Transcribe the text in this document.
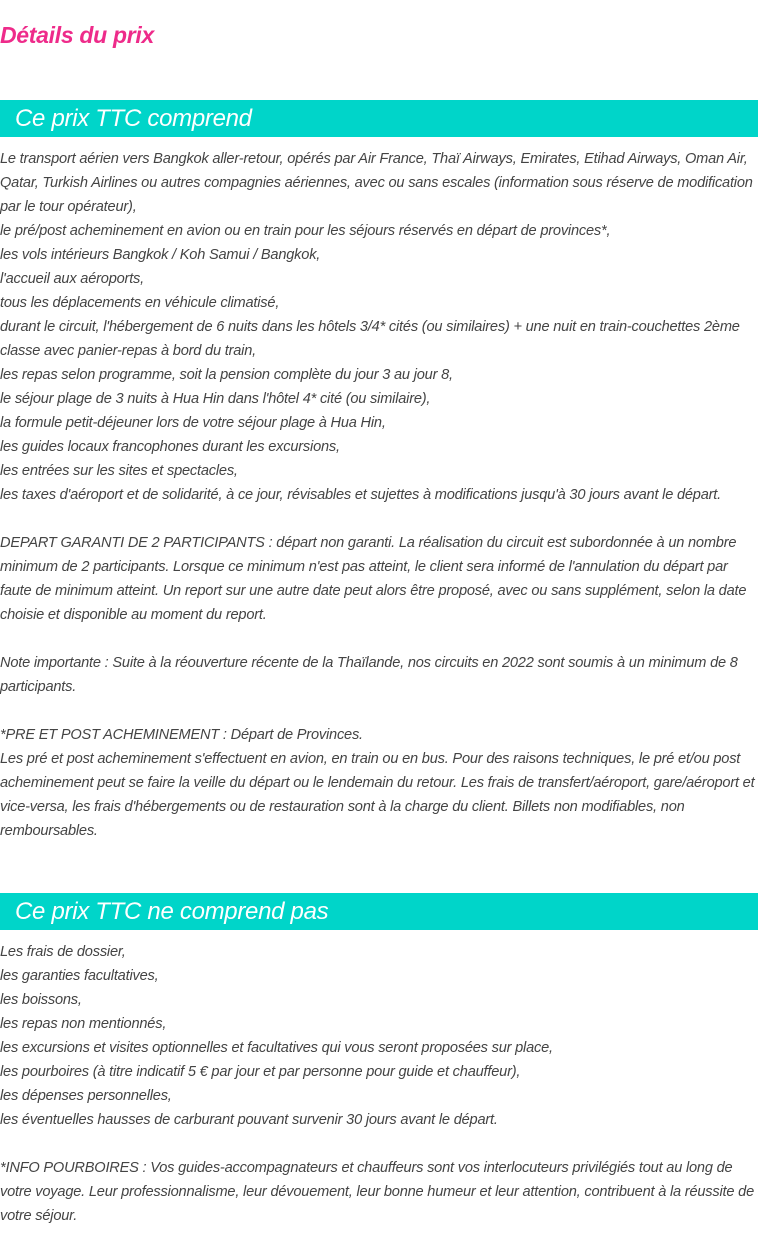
Détails du prix
Ce prix TTC comprend

Le transport aérien vers Bangkok aller-retour, opérés par Air France, Thaï Airways, Emirates, Etihad Airways, Oman Air, Qatar, Turkish Airlines ou autres compagnies aériennes, avec ou sans escales (information sous réserve de modification par le tour opérateur),

le pré/post acheminement en avion ou en train pour les séjours réservés en départ de provinces*,

les vols intérieurs Bangkok / Koh Samui / Bangkok,

l'accueil aux aéroports,

tous les déplacements en véhicule climatisé,

durant le circuit, l'hébergement de 6 nuits dans les hôtels 3/4* cités (ou similaires) + une nuit en train-couchettes 2ème classe avec panier-repas à bord du train,

les repas selon programme, soit la pension complète du jour 3 au jour 8,

le séjour plage de 3 nuits à Hua Hin dans l'hôtel 4* cité (ou similaire),

la formule petit-déjeuner lors de votre séjour plage à Hua Hin,

les guides locaux francophones durant les excursions,

les entrées sur les sites et spectacles,

les taxes d'aéroport et de solidarité, à ce jour, révisables et sujettes à modifications jusqu'à 30 jours avant le départ.

DEPART GARANTI DE 2 PARTICIPANTS : départ non garanti. La réalisation du circuit est subordonnée à un nombre minimum de 2 participants. Lorsque ce minimum n'est pas atteint, le client sera informé de l'annulation du départ par faute de minimum atteint. Un report sur une autre date peut alors être proposé, avec ou sans supplément, selon la date choisie et disponible au moment du report.

Note importante : Suite à la réouverture récente de la Thaïlande, nos circuits en 2022 sont soumis à un minimum de 8 participants.

*PRE ET POST ACHEMINEMENT : Départ de Provinces.

Les pré et post acheminement s'effectuent en avion, en train ou en bus. Pour des raisons techniques, le pré et/ou post acheminement peut se faire la veille du départ ou le lendemain du retour. Les frais de transfert/aéroport, gare/aéroport et vice-versa, les frais d'hébergements ou de restauration sont à la charge du client. Billets non modifiables, non remboursables.

Ce prix TTC ne comprend pas

Les frais de dossier,

les garanties facultatives,

les boissons,

les repas non mentionnés,

les excursions et visites optionnelles et facultatives qui vous seront proposées sur place,

les pourboires (à titre indicatif 5 € par jour et par personne pour guide et chauffeur),

les dépenses personnelles,

les éventuelles hausses de carburant pouvant survenir 30 jours avant le départ.

*INFO POURBOIRES : Vos guides-accompagnateurs et chauffeurs sont vos interlocuteurs privilégiés tout au long de votre voyage. Leur professionnalisme, leur dévouement, leur bonne humeur et leur attention, contribuent à la réussite de votre séjour.
